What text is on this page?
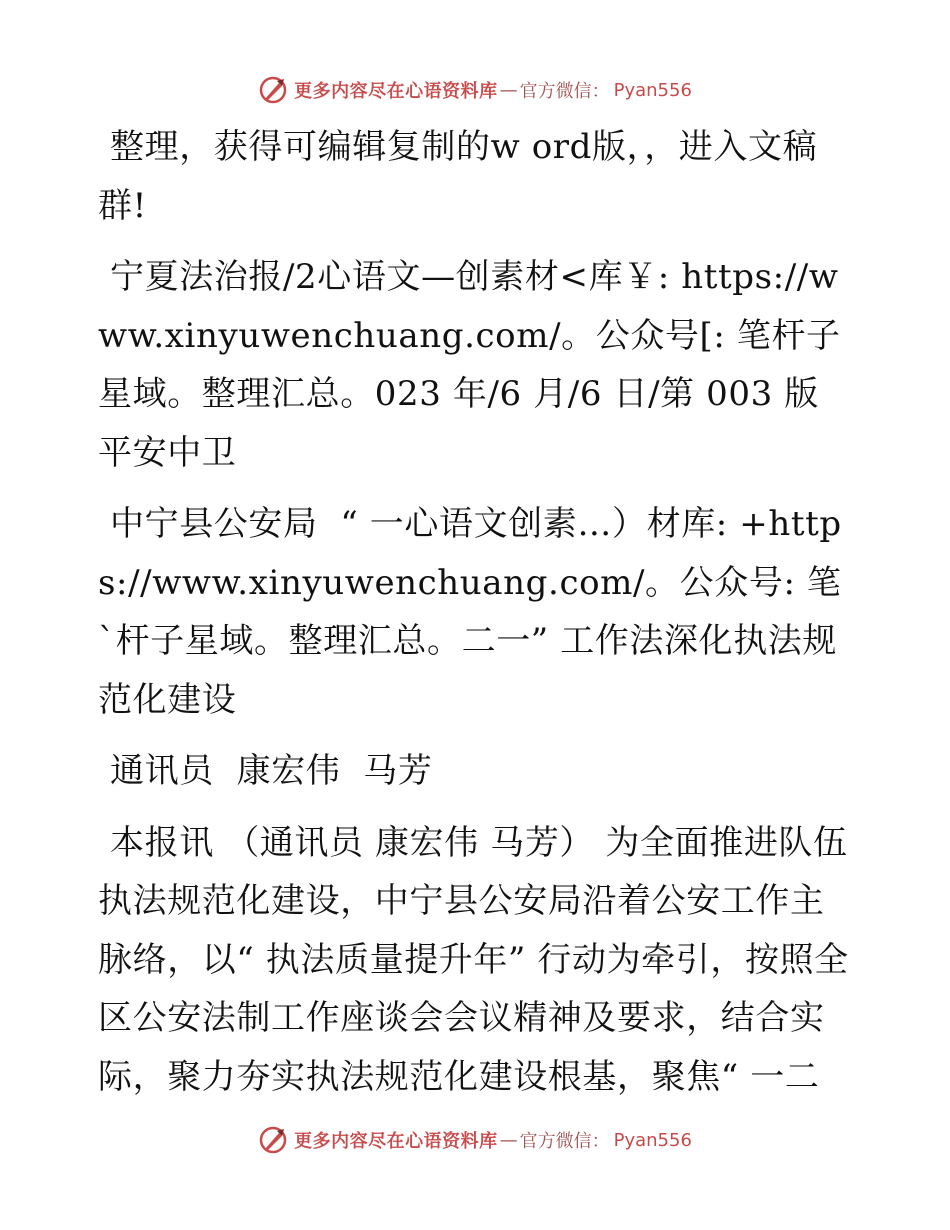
更多内容尽在心语资料库 — 官方微信： Pyan556

整理，获得可编辑复制的w ord版，，进入文稿群!

宁夏法治报/2心语文—创素材<库￥: https://www.xinyuwenchuang.com/。公众号[: 笔杆子星域。整理汇总。023 年/6 月/6 日/第 003 版平安中卫

中宁县公安局  “ 一心语文创素…）材库: +https://www.xinyuwenchuang.com/。公众号: 笔 `杆子星域。整理汇总。二一” 工作法深化执法规范化建设

通讯员  康宏伟  马芳

本报讯 （通讯员 康宏伟 马芳） 为全面推进队伍执法规范化建设，中宁县公安局沿着公安工作主脉络，以“ 执法质量提升年” 行动为牵引，按照全区公安法制工作座谈会会议精神及要求，结合实际，聚力夯实执法规范化建设根基，聚焦“ 一二

更多内容尽在心语资料库 — 官方微信： Pyan556
